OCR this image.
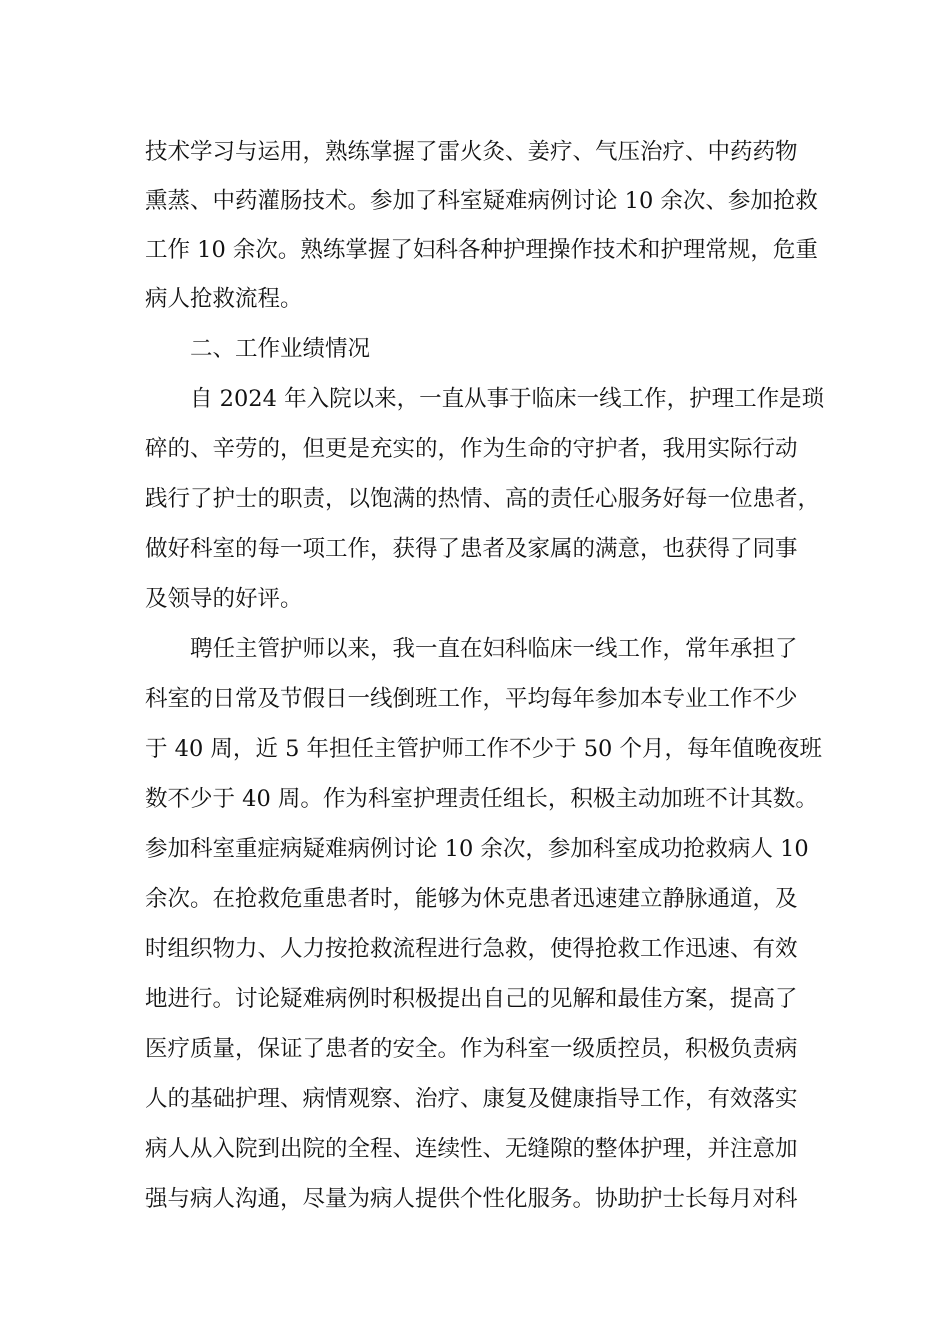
技术学习与运用，熟练掌握了雷火灸、姜疗、气压治疗、中药药物
熏蒸、中药灌肠技术。参加了科室疑难病例讨论 10 余次、参加抢救
工作 10 余次。熟练掌握了妇科各种护理操作技术和护理常规，危重
病人抢救流程。
二、工作业绩情况
自 2024 年入院以来，一直从事于临床一线工作，护理工作是琐
碎的、辛劳的，但更是充实的，作为生命的守护者，我用实际行动
践行了护士的职责，以饱满的热情、高的责任心服务好每一位患者，
做好科室的每一项工作，获得了患者及家属的满意，也获得了同事
及领导的好评。
聘任主管护师以来，我一直在妇科临床一线工作，常年承担了
科室的日常及节假日一线倒班工作，平均每年参加本专业工作不少
于 40 周，近 5 年担任主管护师工作不少于 50 个月，每年值晚夜班
数不少于 40 周。作为科室护理责任组长，积极主动加班不计其数。
参加科室重症病疑难病例讨论 10 余次，参加科室成功抢救病人 10
余次。在抢救危重患者时，能够为休克患者迅速建立静脉通道，及
时组织物力、人力按抢救流程进行急救，使得抢救工作迅速、有效
地进行。讨论疑难病例时积极提出自己的见解和最佳方案，提高了
医疗质量，保证了患者的安全。作为科室一级质控员，积极负责病
人的基础护理、病情观察、治疗、康复及健康指导工作，有效落实
病人从入院到出院的全程、连续性、无缝隙的整体护理，并注意加
强与病人沟通，尽量为病人提供个性化服务。协助护士长每月对科
